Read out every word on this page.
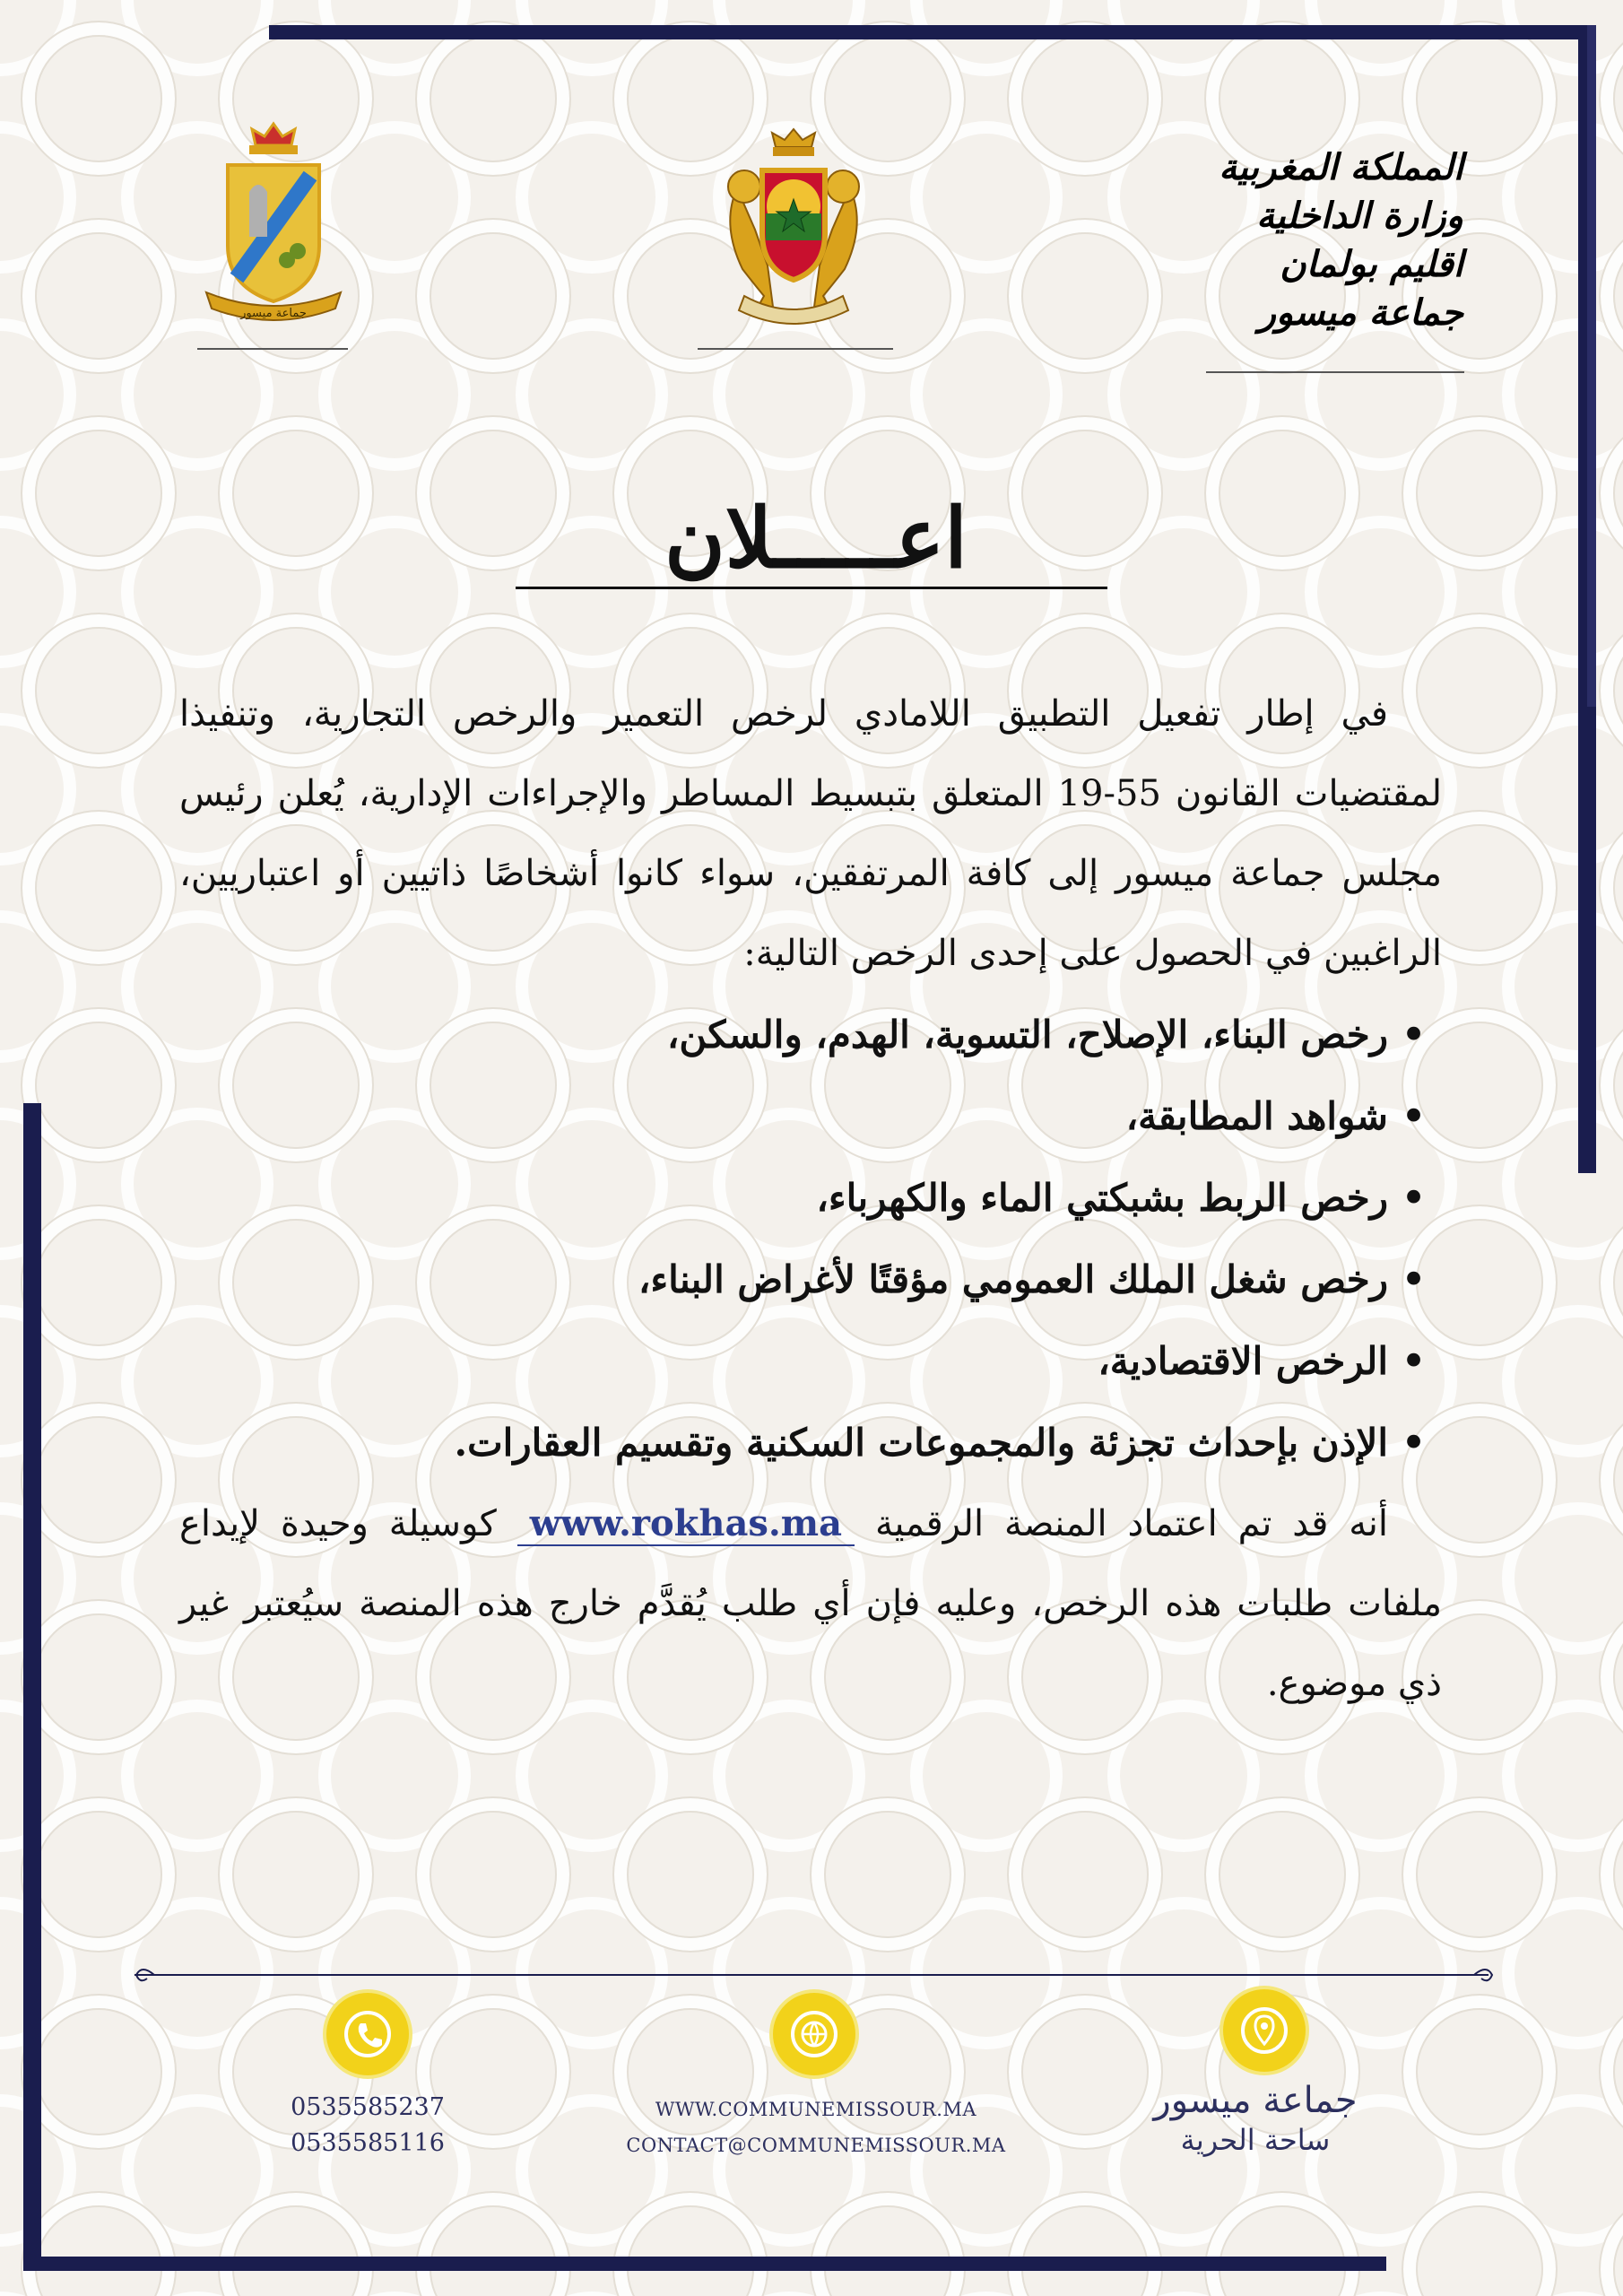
المملكة المغربية
وزارة الداخلية
اقليم بولمان
جماعة ميسور
جماعة ميسور
اعـــــلان

في إطار تفعيل التطبيق اللامادي لرخص التعمير والرخص التجارية، وتنفيذا لمقتضيات القانون 55-19 المتعلق بتبسيط المساطر والإجراءات الإدارية، يُعلن رئيس مجلس جماعة ميسور إلى كافة المرتفقين، سواء كانوا أشخاصًا ذاتيين أو اعتباريين، الراغبين في الحصول على إحدى الرخص التالية:

• رخص البناء، الإصلاح، التسوية، الهدم، والسكن،
• شواهد المطابقة،
• رخص الربط بشبكتي الماء والكهرباء،
• رخص شغل الملك العمومي مؤقتًا لأغراض البناء،
• الرخص الاقتصادية،
• الإذن بإحداث تجزئة والمجموعات السكنية وتقسيم العقارات.

أنه قد تم اعتماد المنصة الرقمية www.rokhas.ma كوسيلة وحيدة لإيداع ملفات طلبات هذه الرخص، وعليه فإن أي طلب يُقدَّم خارج هذه المنصة سيُعتبر غير ذي موضوع.

0535585237
0535585116
WWW.COMMUNEMISSOUR.MA
CONTACT@COMMUNEMISSOUR.MA
جماعة ميسور
ساحة الحرية
